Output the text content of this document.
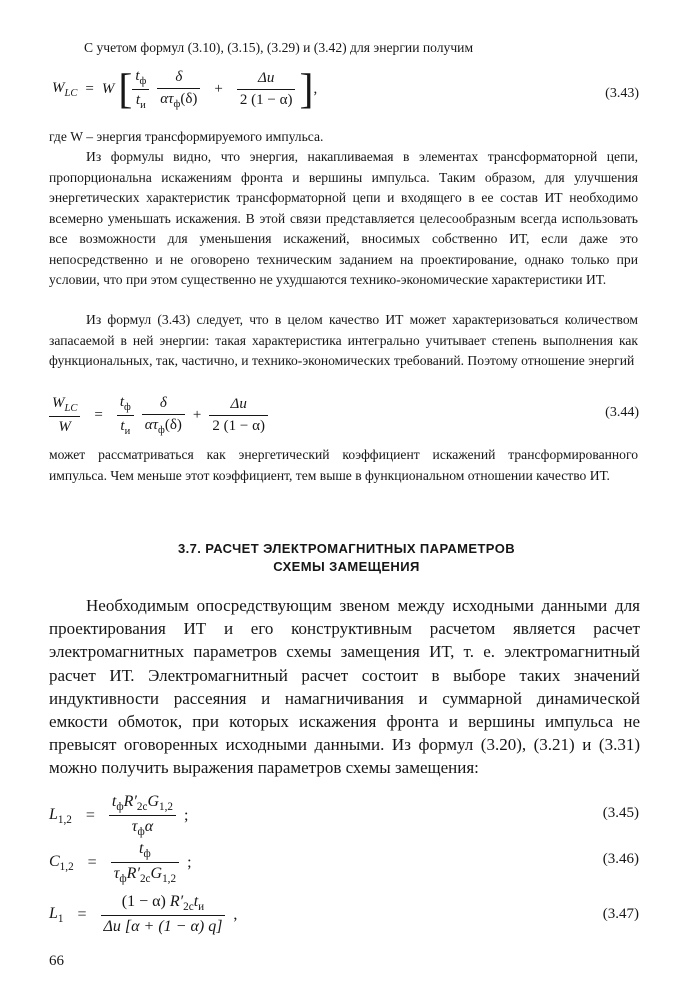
С учетом формул (3.10), (3.15), (3.29) и (3.42) для энергии получим
$W_{LC} = W$ [ $\frac{t_ф}{t_и} \frac{\delta}{\alpha\tau_ф(\delta)} + \frac{\Delta u}{2 (1 - \alpha)}$ ] ,	(3.43)
где W – энергия трансформируемого импульса.
Из формулы видно, что энергия, накапливаемая в элементах трансформаторной цепи, пропорциональна искажениям фронта и вершины импульса. Таким образом, для улучшения энергетических характеристик трансформаторной цепи и входящего в ее состав ИТ необходимо всемерно уменьшать искажения. В этой связи представляется целесообразным всегда использовать все возможности для уменьшения искажений, вносимых собственно ИТ, если даже это непосредственно и не оговорено техническим заданием на проектирование, однако только при условии, что при этом существенно не ухудшаются технико-экономические характеристики ИТ.
Из формул (3.43) следует, что в целом качество ИТ может характеризоваться количеством запасаемой в ней энергии: такая характеристика интегрально учитывает степень выполнения как функциональных, так, частично, и технико-экономических требований. Поэтому отношение энергий
$\frac{W_{LC}}{W} = \frac{t_ф}{t_и} \frac{\delta}{\alpha\tau_ф(\delta)} + \frac{\Delta u}{2 (1 - \alpha)}$	(3.44)
может рассматриваться как энергетический коэффициент искажений трансформированного импульса. Чем меньше этот коэффициент, тем выше в функциональном отношении качество ИТ.
3.7. РАСЧЕТ ЭЛЕКТРОМАГНИТНЫХ ПАРАМЕТРОВ
СХЕМЫ ЗАМЕЩЕНИЯ
Необходимым опосредствующим звеном между исходными данными для проектирования ИТ и его конструктивным расчетом является расчет электромагнитных параметров схемы замещения ИТ, т. е. электромагнитный расчет ИТ. Электромагнитный расчет состоит в выборе таких значений индуктивности рассеяния и намагничивания и суммарной динамической емкости обмоток, при которых искажения фронта и вершины импульса не превысят оговоренных исходными данными. Из формул (3.20), (3.21) и (3.31) можно получить выражения параметров схемы замещения:
$L_{1,2} = \frac{t_фR'_{2с}G_{1,2}}{\tau_ф\alpha}$ ;	(3.45)
$C_{1,2} = \frac{t_ф}{\tau_фR'_{2с}G_{1,2}}$ ;	(3.46)
$L_1 = \frac{(1 - \alpha) R'_{2с}t_и}{\Delta u [\alpha + (1 - \alpha) q]}$ ,	(3.47)
66
